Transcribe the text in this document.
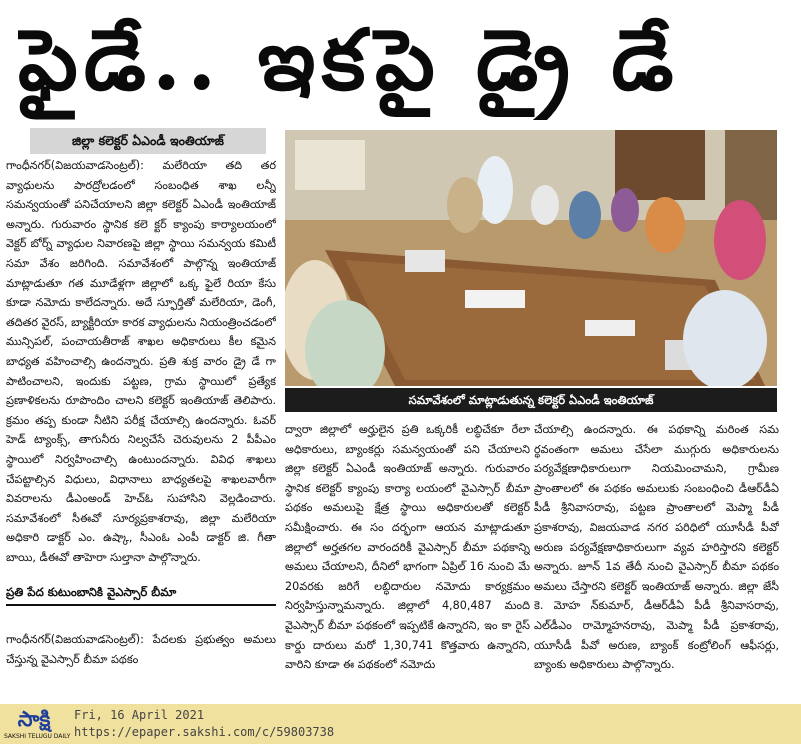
ఫైడే.. ఇకపై డ్రై డే
జిల్లా కలెక్టర్ ఏఎండీ ఇంతియాజ్

గాంధీనగర్(విజయవాడసెంట్రల్): మలేరియా తది తర వ్యాధులను పారద్రోలడంలో సంబంధిత శాఖ లన్నీ సమన్వయంతో పనిచేయాలని జిల్లా కలెక్టర్ ఏఎండీ ఇంతియాజ్ అన్నారు. గురువారం స్థానిక కలె క్టర్ క్యాంపు కార్యాలయంలో వెక్టర్ బోర్న్ వ్యాధుల నివారణపై జిల్లా స్థాయి సమన్వయ కమిటీ సమా వేశం జరిగింది. సమావేశంలో పాల్గొన్న ఇంతియాజ్ మాట్లాడుతూ గత మూడేళ్లగా జిల్లాలో ఒక్క ఫైలే రియా కేసు కూడా నమోదు కాలేదన్నారు. అదే స్ఫూర్తితో మలేరియా, డెంగీ, తదితర వైరస్, బ్యాక్టీరియా కారక వ్యాధులను నియంత్రించడంలో మున్సిపల్, పంచాయతీరాజ్ శాఖల అధికారులు కీల కమైన బాధ్యత వహించాల్సి ఉందన్నారు. ప్రతి శుక్ర వారం డ్రై డే గా పాటించాలని, ఇందుకు పట్టణ, గ్రామ స్థాయిలో ప్రత్యేక ప్రణాళికలను రూపొందిం చాలని కలెక్టర్ ఇంతియాజ్ తెలిపారు. క్రమం తప్ప కుండా నీటిని పరీక్ష చేయాల్సి ఉందన్నారు. ఓవర్ హెడ్ ట్యాంక్స్, తాగునీరు నిల్వచేసే చెరువులను 2 పీపీఎం స్థాయిలో నిర్వహించాల్సి ఉంటుందన్నారు. వివిధ శాఖలు చేపట్టాల్సిన విధులు, విధానాలు బాధ్యతలపై శాఖలవారీగా వివరాలను డీఎంఅండ్ హెచ్ఓ సుహాసిని వెల్లడించారు. సమావేశంలో సీఈవో సూర్యప్రకాశరావు, జిల్లా మలేరియా అధికారి డాక్టర్ ఎం. ఉష్కా, సీఎంఓ ఎంపీ డాక్టర్ జి. గీతా బాయి, డీఈవో తాహెరా సుల్తానా పాల్గొన్నారు.

ప్రతి పేద కుటుంబానికి వైఎస్సార్ బీమా

గాంధీనగర్(విజయవాడసెంట్రల్): పేదలకు ప్రభుత్వం అమలు చేస్తున్న వైఎస్సార్ బీమా పథకం

సమావేశంలో మాట్లాడుతున్న కలెక్టర్ ఏఎండీ ఇంతియాజ్

ద్వారా జిల్లాలో అర్హులైన ప్రతి ఒక్కరికీ లబ్ధిచేకూ రేలా అధికారులు, బ్యాంకర్లు సమన్వయంతో పని చేయాలని జిల్లా కలెక్టర్ ఏఎండీ ఇంతియాజ్ అన్నారు. గురువారం స్థానిక కలెక్టర్ క్యాంపు కార్యా లయంలో వైఎస్సార్ బీమా పథకం అమలుపై క్షేత్ర స్థాయి అధికారులతో కలెక్టర్ సమీక్షించారు. ఈ సం దర్భంగా ఆయన మాట్లాడుతూ జిల్లాలో అర్హతగల వారందరికీ వైఎస్సార్ బీమా పథకాన్ని అమలు చేయాలని, దీనిలో భాగంగా ఏప్రిల్ 16 నుంచి మే 20వరకు జరిగే లబ్ధిదారుల నమోదు కార్యక్రమం నిర్వహిస్తున్నామన్నారు. జిల్లాలో 4,80,487 మంది వైఎస్సార్ బీమా పథకంలో ఇప్పటికే ఉన్నారని, ఇం కా రైస్ కార్డు దారులు మరో 1,30,741 కొత్తవారు ఉన్నారని, వారిని కూడా ఈ పథకంలో నమోదు

చేయాల్సి ఉందన్నారు. ఈ పథకాన్ని మరింత సమ ర్థవంతంగా అమలు చేసేలా ముగ్గురు అధికారులను పర్యవేక్షణాధికారులుగా నియమించామని, గ్రామీణ ప్రాంతాలలో ఈ పథకం అమలుకు సంబంధించి డీఆర్‌డీఏ పీడీ శ్రీనివాసరావు, పట్టణ ప్రాంతాలలో మెప్మా పీడీ ప్రకాశరావు, విజయవాడ నగర పరిధిలో యూసీడీ పీవో అరుణ పర్యవేక్షణాధికారులుగా వ్యవ హరిస్తారని కలెక్టర్ అన్నారు. జూన్ 1వ తేదీ నుంచి వైఎస్సార్ బీమా పథకం అమలు చేస్తారని కలెక్టర్ ఇంతియాజ్ అన్నారు. జిల్లా జేసీ కె. మోహ న్‌కుమార్, డీఆర్‌డీఏ పీడీ శ్రీనివాసరావు, ఎల్‌డీఎం రామ్మోహనరావు, మెప్మా పీడీ ప్రకాశరావు, యూసీడీ పీవో అరుణ, బ్యాంక్ కంట్రోలింగ్ ఆఫీసర్లు, బ్యాంకు అధికారులు పాల్గొన్నారు.

సాక్షి
SAKSHI TELUGU DAILY
Fri, 16 April 2021
https://epaper.sakshi.com/c/59803738
